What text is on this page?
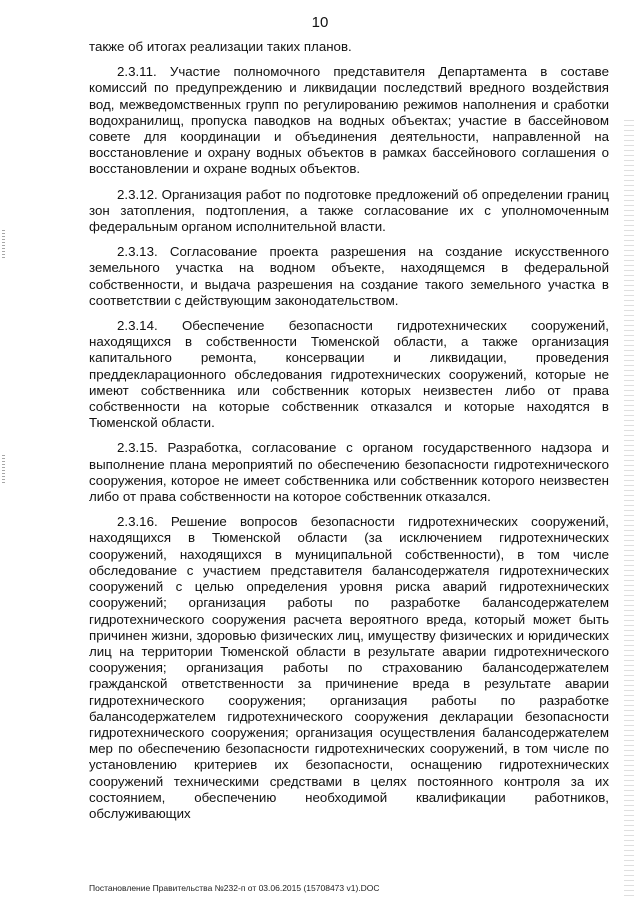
10

также об итогах реализации таких планов.

2.3.11. Участие полномочного представителя Департамента в составе комиссий по предупреждению и ликвидации последствий вредного воздействия вод, межведомственных групп по регулированию режимов наполнения и сработки водохранилищ, пропуска паводков на водных объектах; участие в бассейновом совете для координации и объединения деятельности, направленной на восстановление и охрану водных объектов в рамках бассейнового соглашения о восстановлении и охране водных объектов.

2.3.12. Организация работ по подготовке предложений об определении границ зон затопления, подтопления, а также согласование их с уполномоченным федеральным органом исполнительной власти.

2.3.13. Согласование проекта разрешения на создание искусственного земельного участка на водном объекте, находящемся в федеральной собственности, и выдача разрешения на создание такого земельного участка в соответствии с действующим законодательством.

2.3.14. Обеспечение безопасности гидротехнических сооружений, находящихся в собственности Тюменской области, а также организация капитального ремонта, консервации и ликвидации, проведения преддекларационного обследования гидротехнических сооружений, которые не имеют собственника или собственник которых неизвестен либо от права собственности на которые собственник отказался и которые находятся в Тюменской области.

2.3.15. Разработка, согласование с органом государственного надзора и выполнение плана мероприятий по обеспечению безопасности гидротехнического сооружения, которое не имеет собственника или собственник которого неизвестен либо от права собственности на которое собственник отказался.

2.3.16. Решение вопросов безопасности гидротехнических сооружений, находящихся в Тюменской области (за исключением гидротехнических сооружений, находящихся в муниципальной собственности), в том числе обследование с участием представителя балансодержателя гидротехнических сооружений с целью определения уровня риска аварий гидротехнических сооружений; организация работы по разработке балансодержателем гидротехнического сооружения расчета вероятного вреда, который может быть причинен жизни, здоровью физических лиц, имуществу физических и юридических лиц на территории Тюменской области в результате аварии гидротехнического сооружения; организация работы по страхованию балансодержателем гражданской ответственности за причинение вреда в результате аварии гидротехнического сооружения; организация работы по разработке балансодержателем гидротехнического сооружения декларации безопасности гидротехнического сооружения; организация осуществления балансодержателем мер по обеспечению безопасности гидротехнических сооружений, в том числе по установлению критериев их безопасности, оснащению гидротехнических сооружений техническими средствами в целях постоянного контроля за их состоянием, обеспечению необходимой квалификации работников, обслуживающих

Постановление Правительства №232-п от 03.06.2015 (15708473 v1).DOC
